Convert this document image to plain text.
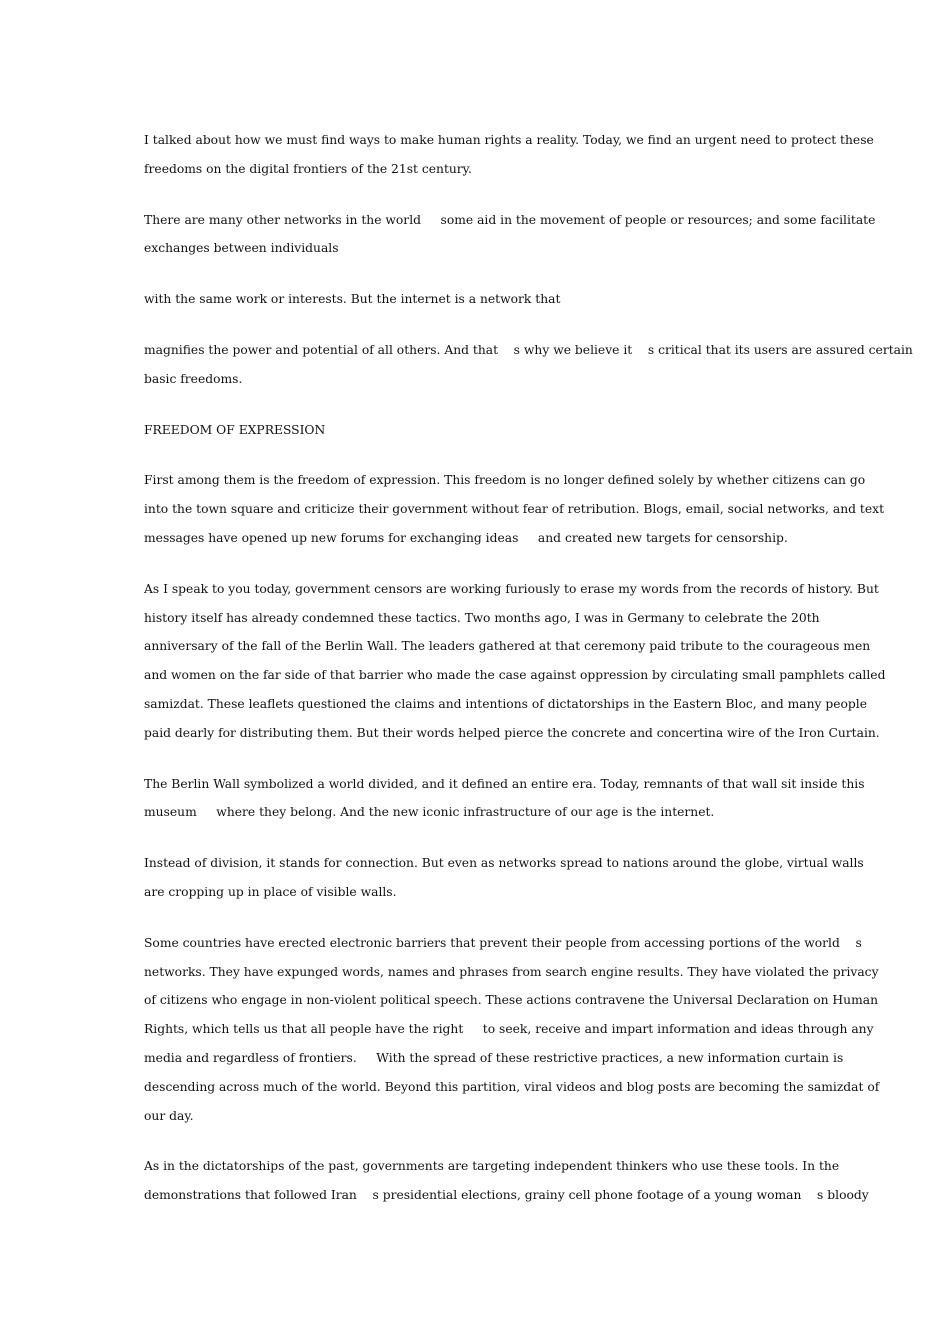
I talked about how we must find ways to make human rights a reality. Today, we find an urgent need to protect these
freedoms on the digital frontiers of the 21st century.

There are many other networks in the world     some aid in the movement of people or resources; and some facilitate
exchanges between individuals

with the same work or interests. But the internet is a network that

magnifies the power and potential of all others. And that    s why we believe it    s critical that its users are assured certain
basic freedoms.

FREEDOM OF EXPRESSION

First among them is the freedom of expression. This freedom is no longer defined solely by whether citizens can go
into the town square and criticize their government without fear of retribution. Blogs, email, social networks, and text
messages have opened up new forums for exchanging ideas     and created new targets for censorship.

As I speak to you today, government censors are working furiously to erase my words from the records of history. But
history itself has already condemned these tactics. Two months ago, I was in Germany to celebrate the 20th
anniversary of the fall of the Berlin Wall. The leaders gathered at that ceremony paid tribute to the courageous men
and women on the far side of that barrier who made the case against oppression by circulating small pamphlets called
samizdat. These leaflets questioned the claims and intentions of dictatorships in the Eastern Bloc, and many people
paid dearly for distributing them. But their words helped pierce the concrete and concertina wire of the Iron Curtain.

The Berlin Wall symbolized a world divided, and it defined an entire era. Today, remnants of that wall sit inside this
museum     where they belong. And the new iconic infrastructure of our age is the internet.

Instead of division, it stands for connection. But even as networks spread to nations around the globe, virtual walls
are cropping up in place of visible walls.

Some countries have erected electronic barriers that prevent their people from accessing portions of the world    s
networks. They have expunged words, names and phrases from search engine results. They have violated the privacy
of citizens who engage in non-violent political speech. These actions contravene the Universal Declaration on Human
Rights, which tells us that all people have the right     to seek, receive and impart information and ideas through any
media and regardless of frontiers.     With the spread of these restrictive practices, a new information curtain is
descending across much of the world. Beyond this partition, viral videos and blog posts are becoming the samizdat of
our day.

As in the dictatorships of the past, governments are targeting independent thinkers who use these tools. In the
demonstrations that followed Iran    s presidential elections, grainy cell phone footage of a young woman    s bloody
